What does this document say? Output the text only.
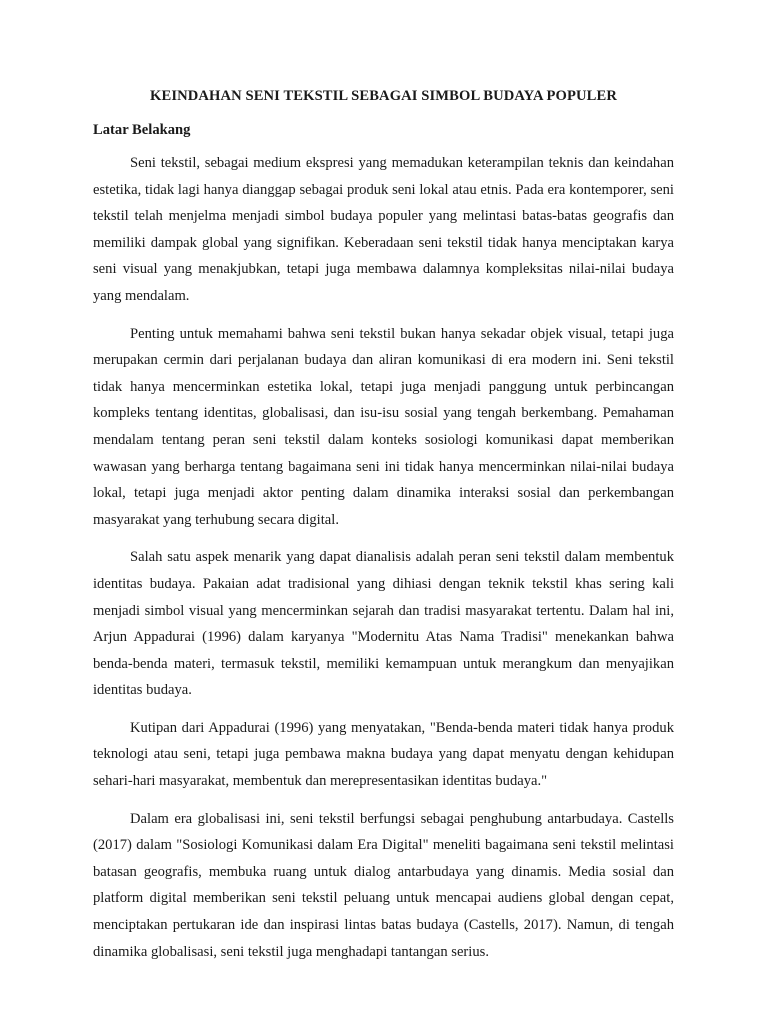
KEINDAHAN SENI TEKSTIL SEBAGAI SIMBOL BUDAYA POPULER
Latar Belakang

Seni tekstil, sebagai medium ekspresi yang memadukan keterampilan teknis dan keindahan estetika, tidak lagi hanya dianggap sebagai produk seni lokal atau etnis. Pada era kontemporer, seni tekstil telah menjelma menjadi simbol budaya populer yang melintasi batas-batas geografis dan memiliki dampak global yang signifikan. Keberadaan seni tekstil tidak hanya menciptakan karya seni visual yang menakjubkan, tetapi juga membawa dalamnya kompleksitas nilai-nilai budaya yang mendalam.

Penting untuk memahami bahwa seni tekstil bukan hanya sekadar objek visual, tetapi juga merupakan cermin dari perjalanan budaya dan aliran komunikasi di era modern ini. Seni tekstil tidak hanya mencerminkan estetika lokal, tetapi juga menjadi panggung untuk perbincangan kompleks tentang identitas, globalisasi, dan isu-isu sosial yang tengah berkembang. Pemahaman mendalam tentang peran seni tekstil dalam konteks sosiologi komunikasi dapat memberikan wawasan yang berharga tentang bagaimana seni ini tidak hanya mencerminkan nilai-nilai budaya lokal, tetapi juga menjadi aktor penting dalam dinamika interaksi sosial dan perkembangan masyarakat yang terhubung secara digital.

Salah satu aspek menarik yang dapat dianalisis adalah peran seni tekstil dalam membentuk identitas budaya. Pakaian adat tradisional yang dihiasi dengan teknik tekstil khas sering kali menjadi simbol visual yang mencerminkan sejarah dan tradisi masyarakat tertentu. Dalam hal ini, Arjun Appadurai (1996) dalam karyanya "Modernitu Atas Nama Tradisi" menekankan bahwa benda-benda materi, termasuk tekstil, memiliki kemampuan untuk merangkum dan menyajikan identitas budaya.

Kutipan dari Appadurai (1996) yang menyatakan, "Benda-benda materi tidak hanya produk teknologi atau seni, tetapi juga pembawa makna budaya yang dapat menyatu dengan kehidupan sehari-hari masyarakat, membentuk dan merepresentasikan identitas budaya."

Dalam era globalisasi ini, seni tekstil berfungsi sebagai penghubung antarbudaya. Castells (2017) dalam "Sosiologi Komunikasi dalam Era Digital" meneliti bagaimana seni tekstil melintasi batasan geografis, membuka ruang untuk dialog antarbudaya yang dinamis. Media sosial dan platform digital memberikan seni tekstil peluang untuk mencapai audiens global dengan cepat, menciptakan pertukaran ide dan inspirasi lintas batas budaya (Castells, 2017). Namun, di tengah dinamika globalisasi, seni tekstil juga menghadapi tantangan serius.
